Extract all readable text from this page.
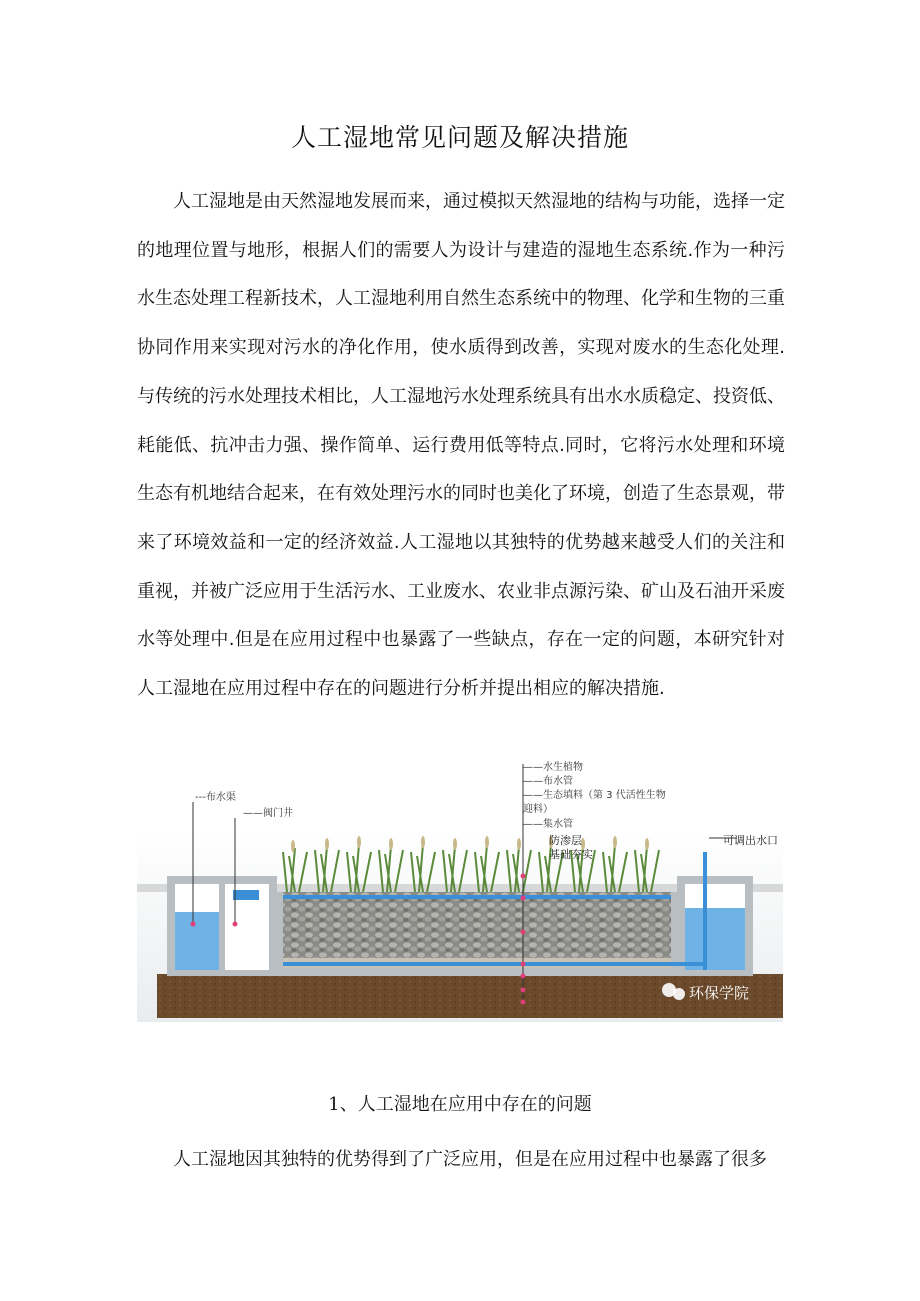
人工湿地常见问题及解决措施

人工湿地是由天然湿地发展而来，通过模拟天然湿地的结构与功能，选择一定的地理位置与地形，根据人们的需要人为设计与建造的湿地生态系统.作为一种污水生态处理工程新技术，人工湿地利用自然生态系统中的物理、化学和生物的三重协同作用来实现对污水的净化作用，使水质得到改善，实现对废水的生态化处理.与传统的污水处理技术相比，人工湿地污水处理系统具有出水水质稳定、投资低、耗能低、抗冲击力强、操作简单、运行费用低等特点.同时，它将污水处理和环境生态有机地结合起来，在有效处理污水的同时也美化了环境，创造了生态景观，带来了环境效益和一定的经济效益.人工湿地以其独特的优势越来越受人们的关注和重视，并被广泛应用于生活污水、工业废水、农业非点源污染、矿山及石油开采废水等处理中.但是在应用过程中也暴露了一些缺点，存在一定的问题，本研究针对人工湿地在应用过程中存在的问题进行分析并提出相应的解决措施.

---布水渠
——阀门井
——水生植物
——布水管
——生态填料（第 3 代活性生物
迎料）
——集水管
防渗层
基础夯实
可调出水口
环保学院
1、人工湿地在应用中存在的问题

人工湿地因其独特的优势得到了广泛应用，但是在应用过程中也暴露了很多
